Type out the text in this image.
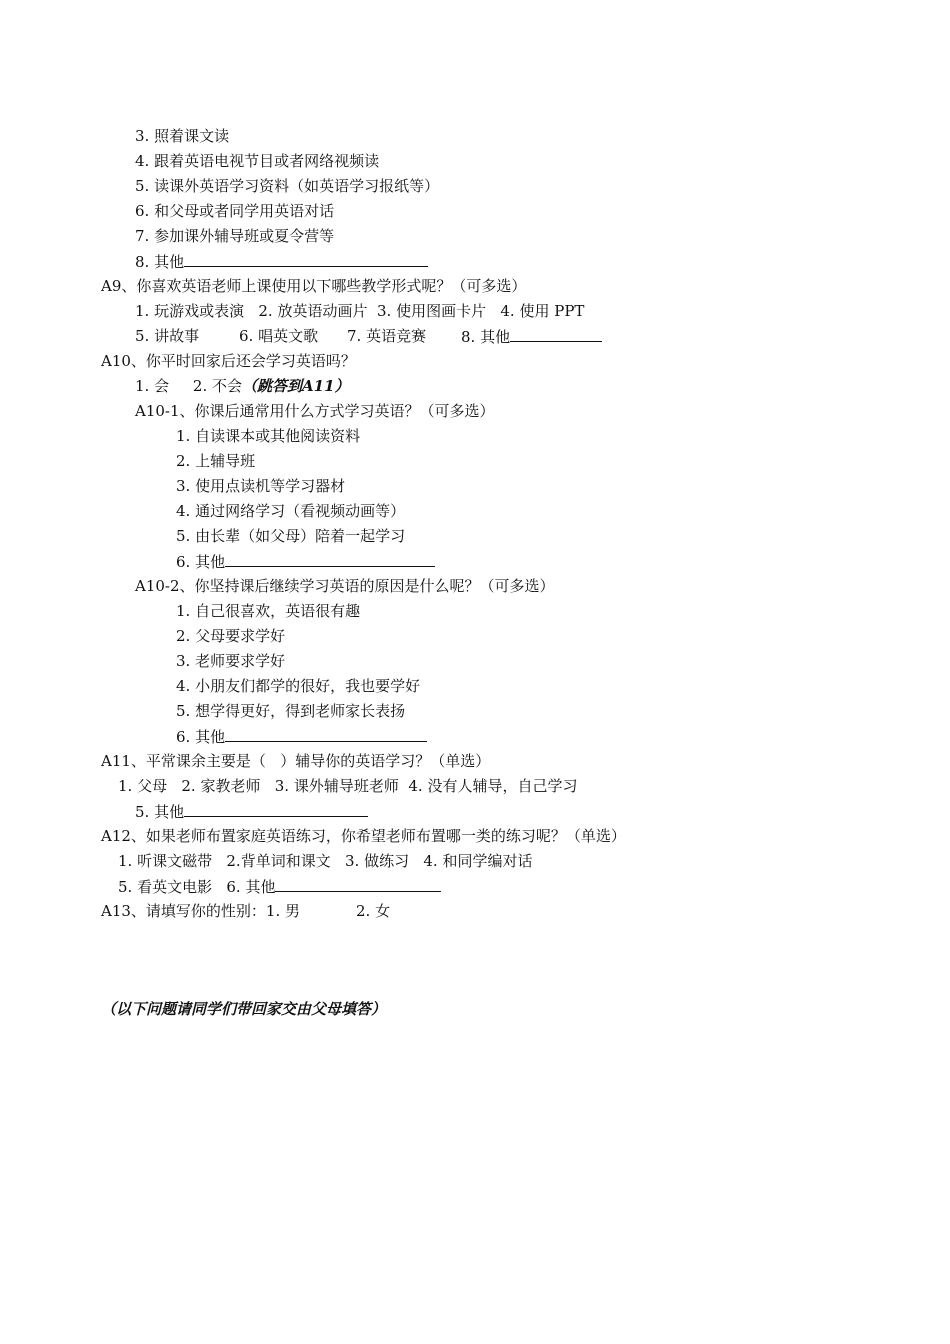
3. 照着课文读
4. 跟着英语电视节目或者网络视频读
5. 读课外英语学习资料（如英语学习报纸等）
6. 和父母或者同学用英语对话
7. 参加课外辅导班或夏令营等
8. 其他
A9、你喜欢英语老师上课使用以下哪些教学形式呢？（可多选）
1. 玩游戏或表演   2. 放英语动画片  3. 使用图画卡片   4. 使用 PPT
5. 讲故事	6. 唱英文歌 7. 英语竞赛 8. 其他
A10、你平时回家后还会学习英语吗？
1. 会     2. 不会（跳答到A11）
A10-1、你课后通常用什么方式学习英语？（可多选）
1. 自读课本或其他阅读资料
2. 上辅导班
3. 使用点读机等学习器材
4. 通过网络学习（看视频动画等）
5. 由长辈（如父母）陪着一起学习
6. 其他
A10-2、你坚持课后继续学习英语的原因是什么呢？（可多选）
1. 自己很喜欢，英语很有趣
2. 父母要求学好
3. 老师要求学好
4. 小朋友们都学的很好，我也要学好
5. 想学得更好，得到老师家长表扬
6. 其他
A11、平常课余主要是（   ）辅导你的英语学习？（单选）
1. 父母   2. 家教老师   3. 课外辅导班老师  4. 没有人辅导，自己学习
5. 其他
A12、如果老师布置家庭英语练习，你希望老师布置哪一类的练习呢？（单选）
1. 听课文磁带   2.背单词和课文   3. 做练习   4. 和同学编对话
5. 看英文电影   6. 其他
A13、请填写你的性别：1. 男	2. 女
（以下问题请同学们带回家交由父母填答）
